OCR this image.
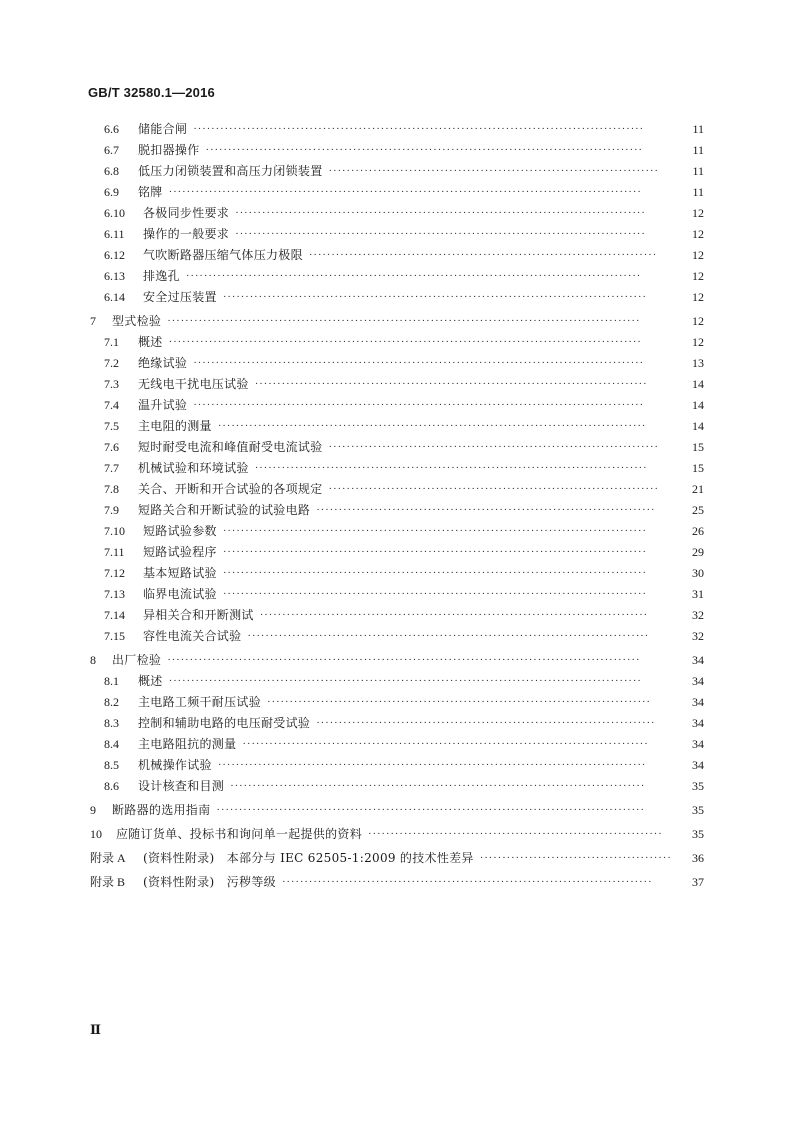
GB/T 32580.1—2016
6.6 储能合闸 ·····································································································	11
6.7 脱扣器操作 ··································································································	11
6.8 低压力闭锁装置和高压力闭锁装置 ··········································································	11
6.9 铭牌 ··········································································································	11
6.10 各极同步性要求 ····························································································	12
6.11 操作的一般要求 ····························································································	12
6.12 气吹断路器压缩气体压力极限 ··············································································	12
6.13 排逸孔 ······································································································	12
6.14 安全过压装置 ·······························································································	12
7 型式检验 ··········································································································	12
7.1 概述 ··········································································································	12
7.2 绝缘试验 ·····································································································	13
7.3 无线电干扰电压试验 ························································································	14
7.4 温升试验 ·····································································································	14
7.5 主电阻的测量 ································································································	14
7.6 短时耐受电流和峰值耐受电流试验 ··········································································	15
7.7 机械试验和环境试验 ························································································	15
7.8 关合、开断和开合试验的各项规定 ··········································································	21
7.9 短路关合和开断试验的试验电路 ············································································	25
7.10 短路试验参数 ·······························································································	26
7.11 短路试验程序 ·······························································································	29
7.12 基本短路试验 ·······························································································	30
7.13 临界电流试验 ·······························································································	31
7.14 异相关合和开断测试 ·······················································································	32
7.15 容性电流关合试验 ··························································································	32
8 出厂检验 ··········································································································	34
8.1 概述 ··········································································································	34
8.2 主电路工频干耐压试验 ······················································································	34
8.3 控制和辅助电路的电压耐受试验 ············································································	34
8.4 主电路阻抗的测量 ···························································································	34
8.5 机械操作试验 ································································································	34
8.6 设计核查和目测 ·····························································································	35
9 断路器的选用指南 ································································································	35
10 应随订货单、投标书和询问单一起提供的资料 ··································································	35
附录 A (资料性附录)　本部分与 IEC 62505-1:2009 的技术性差异 ···········································	36
附录 B (资料性附录)　污秽等级 ···················································································	37
Ⅱ
